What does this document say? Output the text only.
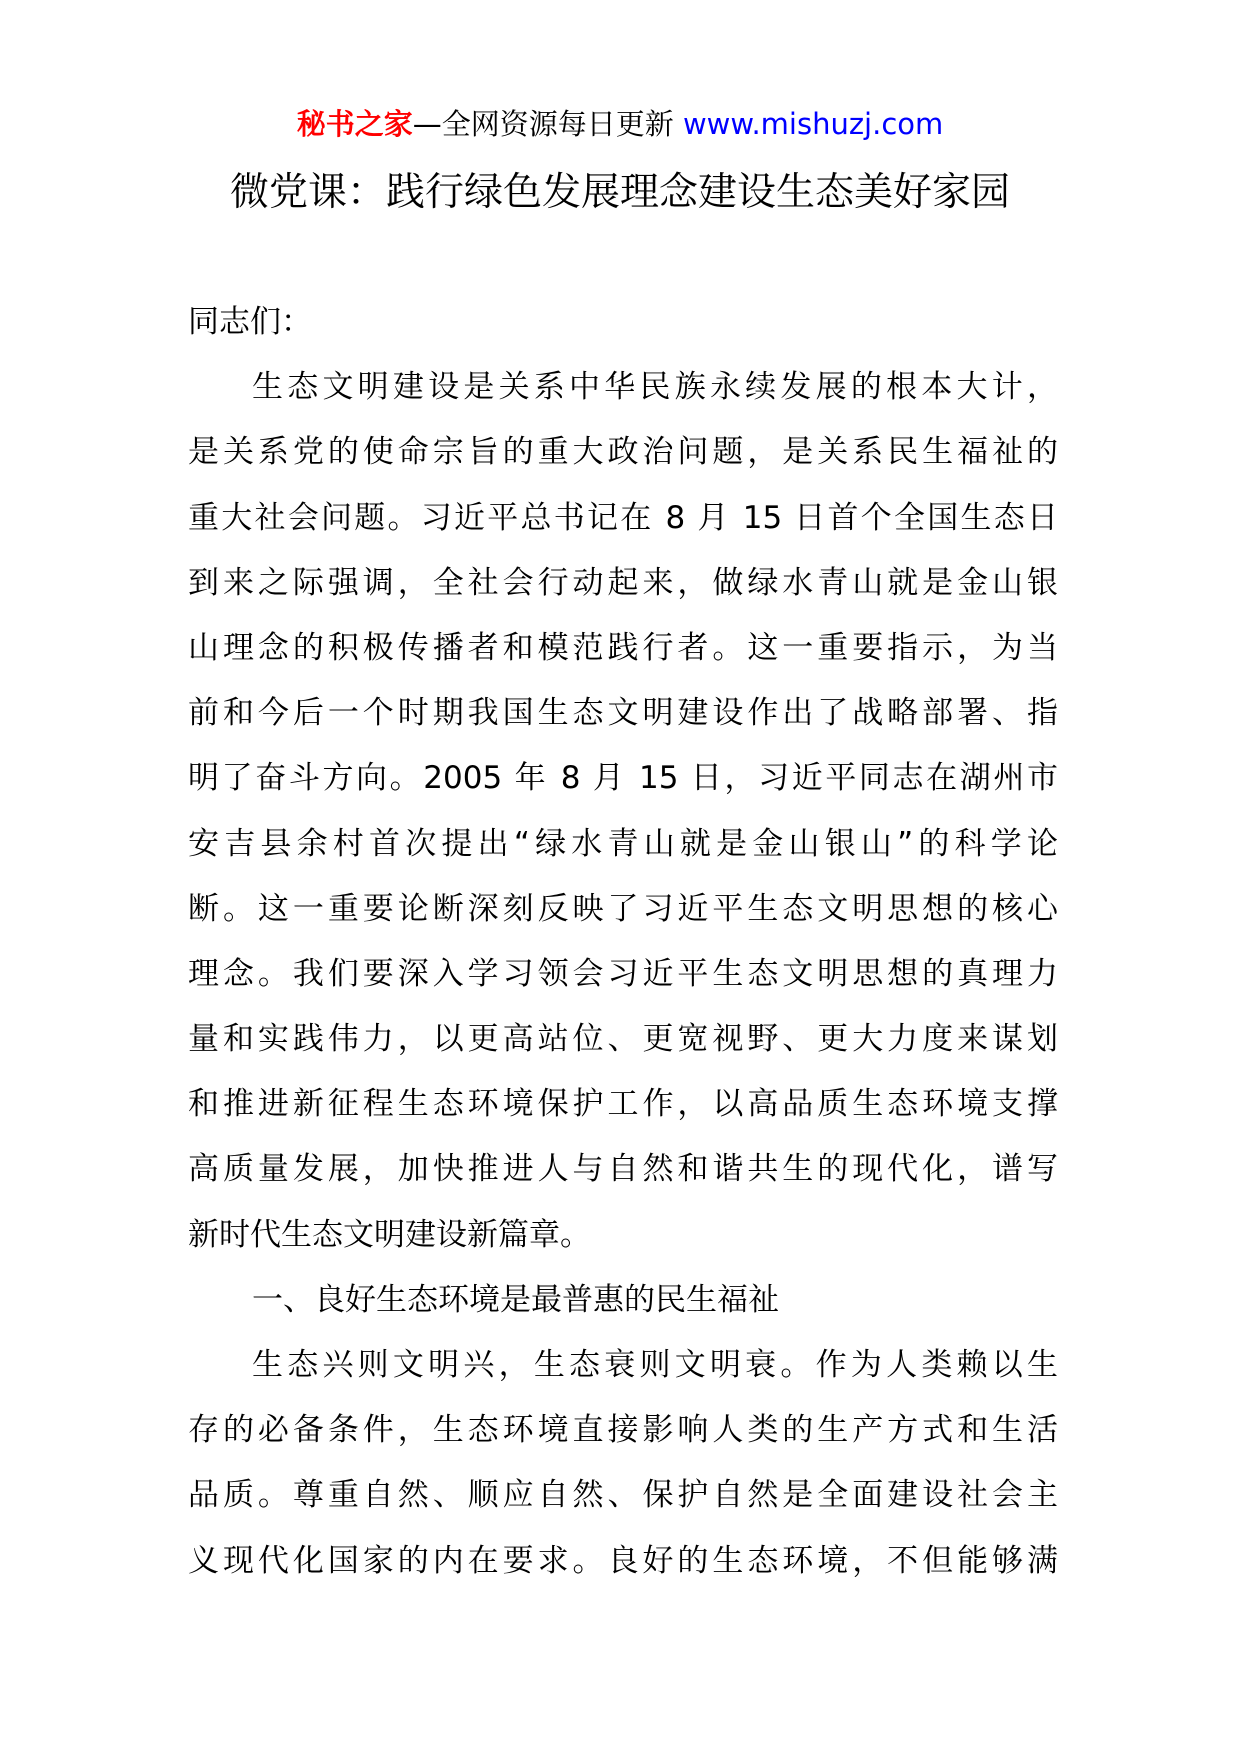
秘书之家—全网资源每日更新 www.mishuzj.com
微党课：践行绿色发展理念建设生态美好家园
同志们：
生态文明建设是关系中华民族永续发展的根本大计，
是关系党的使命宗旨的重大政治问题，是关系民生福祉的
重大社会问题。习近平总书记在 8 月 15 日首个全国生态日
到来之际强调，全社会行动起来，做绿水青山就是金山银
山理念的积极传播者和模范践行者。这一重要指示，为当
前和今后一个时期我国生态文明建设作出了战略部署、指
明了奋斗方向。2005 年 8 月 15 日，习近平同志在湖州市
安吉县余村首次提出“绿水青山就是金山银山”的科学论
断。这一重要论断深刻反映了习近平生态文明思想的核心
理念。我们要深入学习领会习近平生态文明思想的真理力
量和实践伟力，以更高站位、更宽视野、更大力度来谋划
和推进新征程生态环境保护工作，以高品质生态环境支撑
高质量发展，加快推进人与自然和谐共生的现代化，谱写
新时代生态文明建设新篇章。
一、良好生态环境是最普惠的民生福祉
生态兴则文明兴，生态衰则文明衰。作为人类赖以生
存的必备条件，生态环境直接影响人类的生产方式和生活
品质。尊重自然、顺应自然、保护自然是全面建设社会主
义现代化国家的内在要求。良好的生态环境，不但能够满
